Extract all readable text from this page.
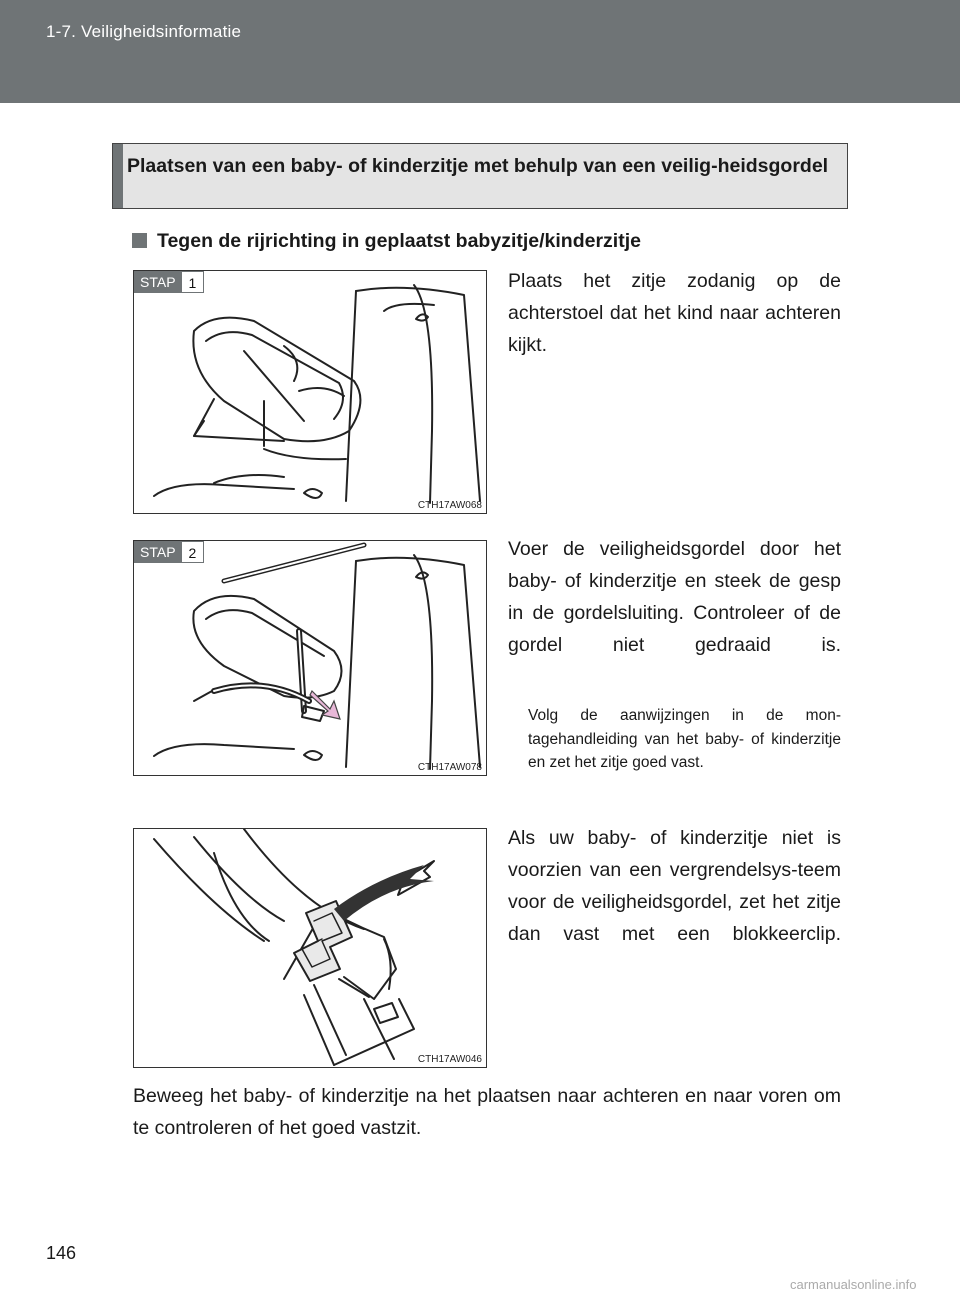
1-7. Veiligheidsinformatie
Plaatsen van een baby- of kinderzitje met behulp van een veilig-heidsgordel
Tegen de rijrichting in geplaatst babyzitje/kinderzitje
STAP 1
CTH17AW068
Plaats het zitje zodanig op de achterstoel dat het kind naar achteren kijkt.
STAP 2
CTH17AW078
Voer de veiligheidsgordel door het baby- of kinderzitje en steek de gesp in de gordelsluiting. Controleer of de gordel niet gedraaid is.
Volg de aanwijzingen in de mon-tagehandleiding van het baby- of kinderzitje en zet het zitje goed vast.
CTH17AW046
Als uw baby- of kinderzitje niet is voorzien van een vergrendelsys-teem voor de veiligheidsgordel, zet het zitje dan vast met een blokkeerclip.
Beweeg het baby- of kinderzitje na het plaatsen naar achteren en naar voren om te controleren of het goed vastzit.
146
carmanualsonline.info
